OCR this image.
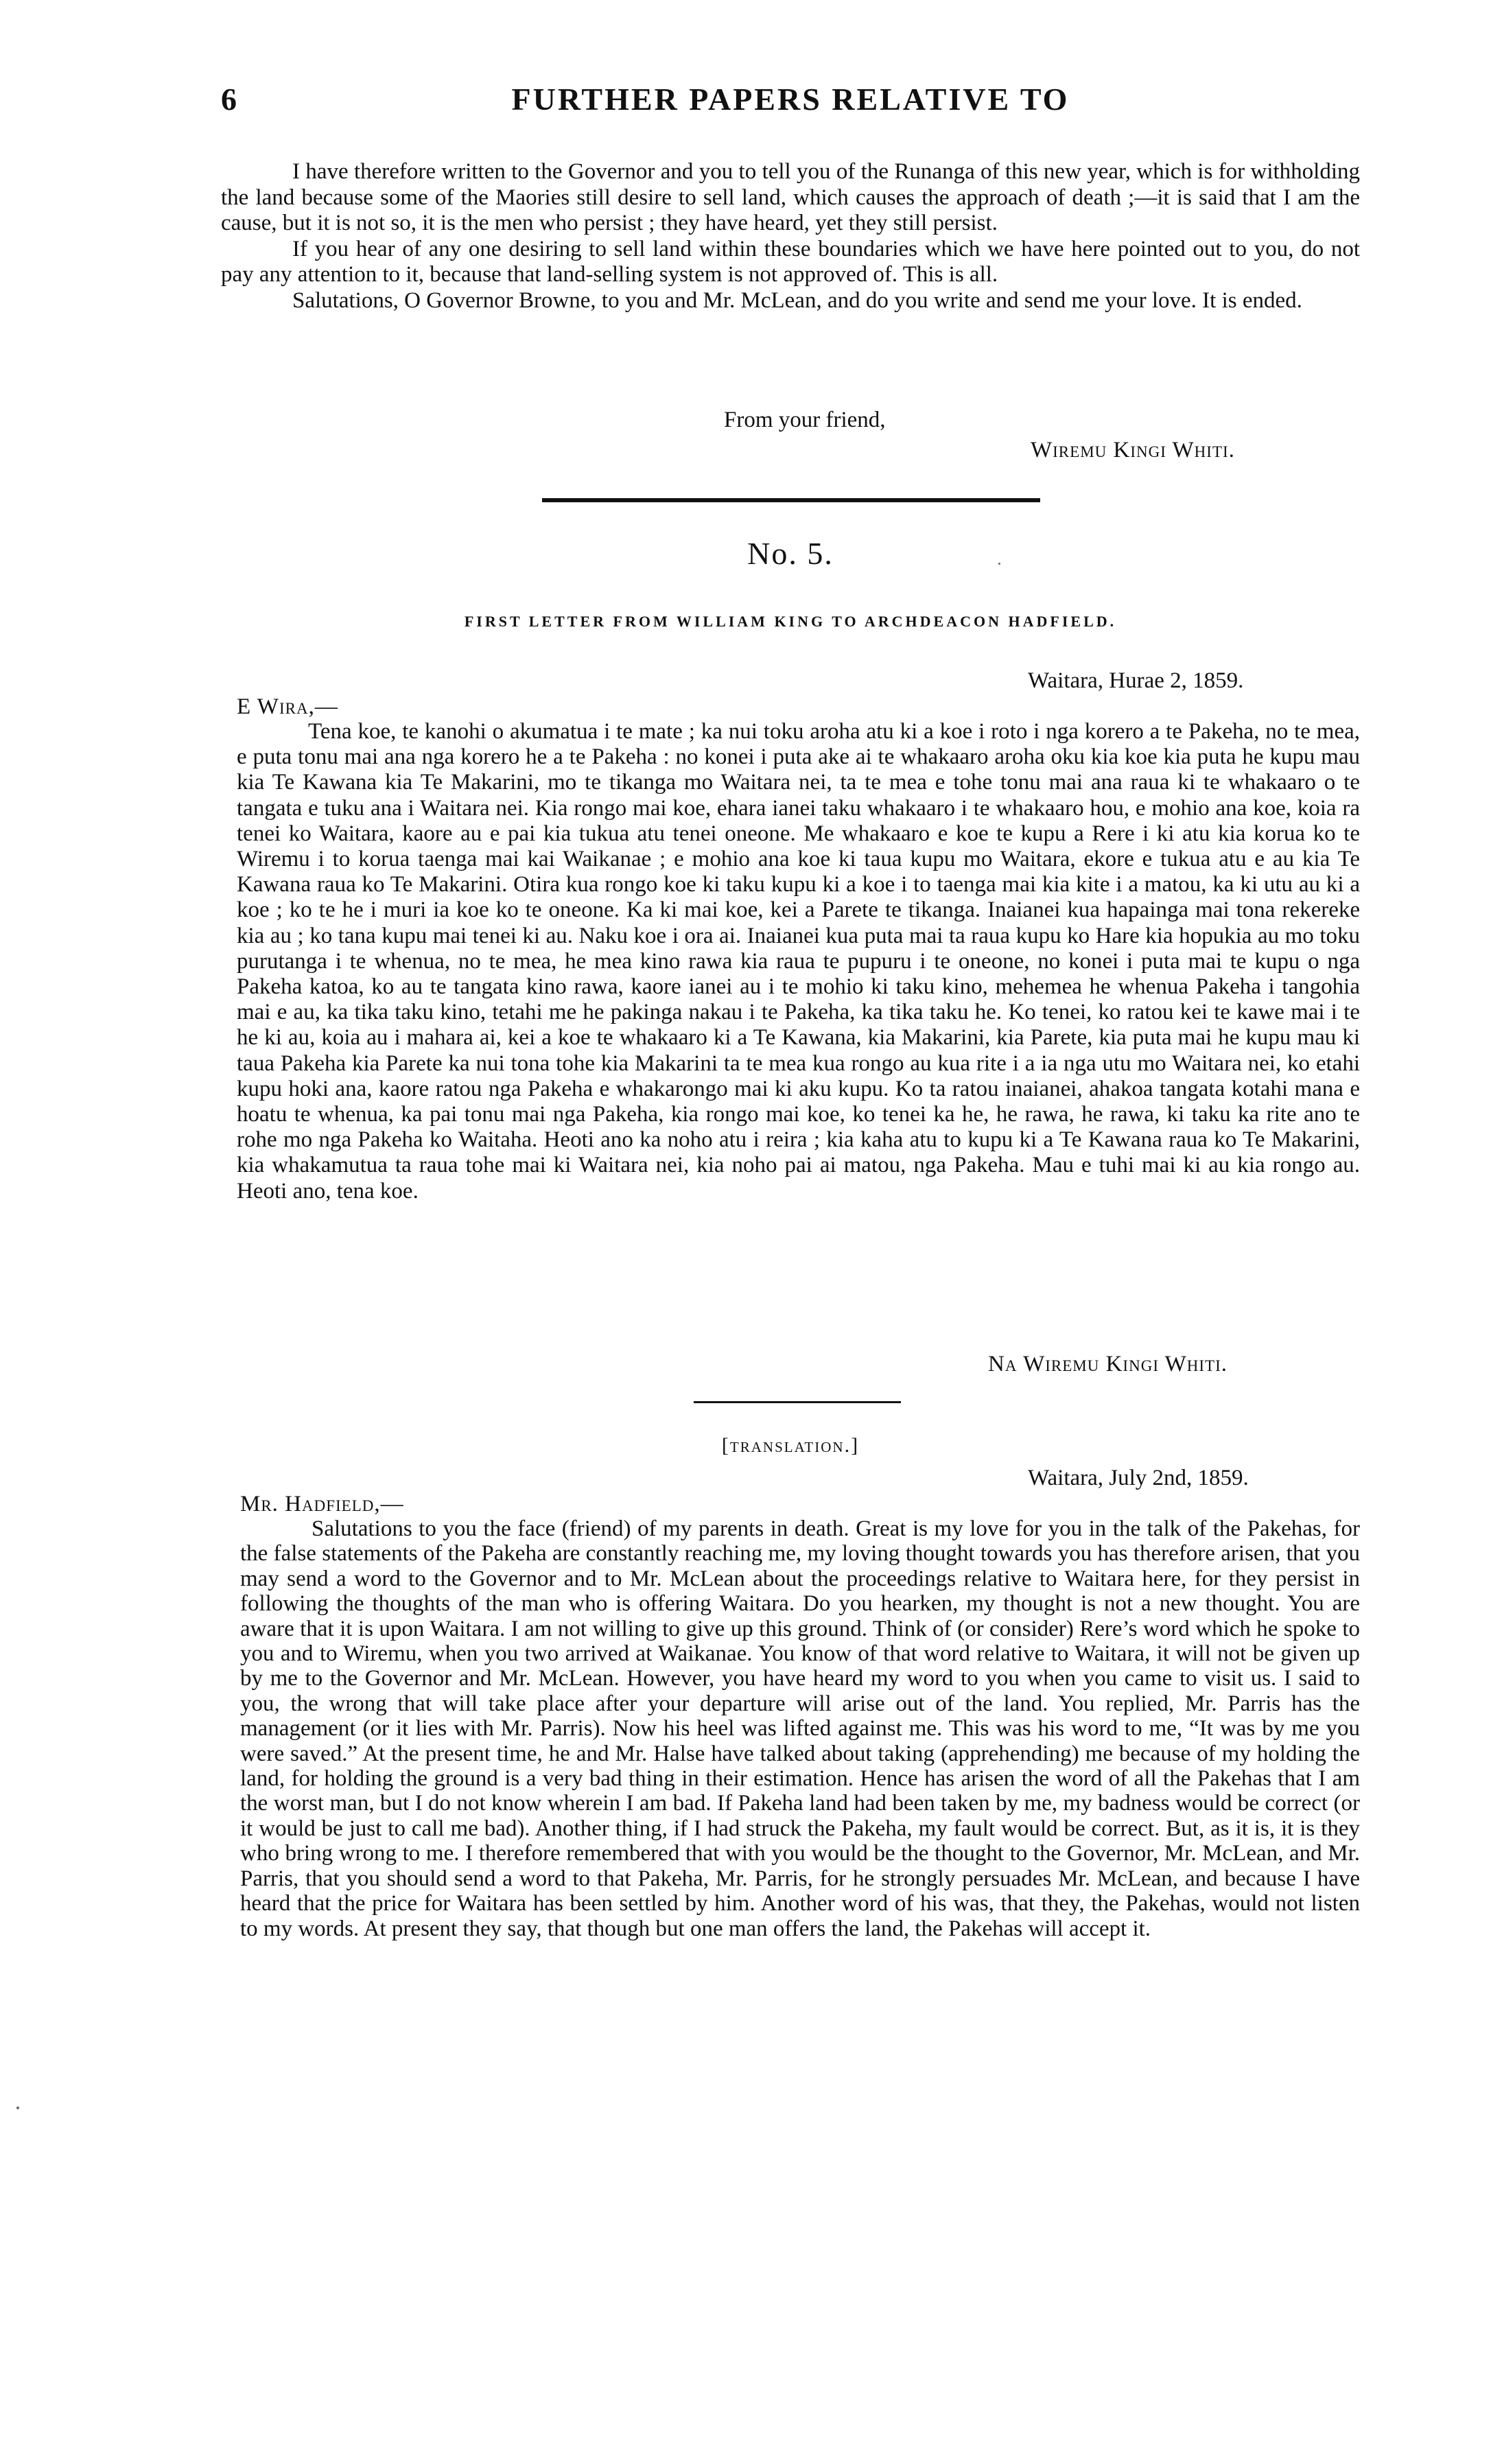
6	FURTHER PAPERS RELATIVE TO

I have therefore written to the Governor and you to tell you of the Runanga of this new year, which is for withholding the land because some of the Maories still desire to sell land, which causes the approach of death ;—it is said that I am the cause, but it is not so, it is the men who persist ; they have heard, yet they still persist.

If you hear of any one desiring to sell land within these boundaries which we have here pointed out to you, do not pay any attention to it, because that land-selling system is not approved of. This is all.

Salutations, O Governor Browne, to you and Mr. McLean, and do you write and send me your love. It is ended.

From your friend,
Wiremu Kingi Whiti.
No. 5.
FIRST LETTER FROM WILLIAM KING TO ARCHDEACON HADFIELD.
Waitara, Hurae 2, 1859.
E Wira,—

Tena koe, te kanohi o akumatua i te mate ; ka nui toku aroha atu ki a koe i roto i nga korero a te Pakeha, no te mea, e puta tonu mai ana nga korero he a te Pakeha : no konei i puta ake ai te whakaaro aroha oku kia koe kia puta he kupu mau kia Te Kawana kia Te Makarini, mo te tikanga mo Waitara nei, ta te mea e tohe tonu mai ana raua ki te whakaaro o te tangata e tuku ana i Waitara nei. Kia rongo mai koe, ehara ianei taku whakaaro i te whakaaro hou, e mohio ana koe, koia ra tenei ko Waitara, kaore au e pai kia tukua atu tenei oneone. Me whakaaro e koe te kupu a Rere i ki atu kia korua ko te Wiremu i to korua taenga mai kai Waikanae ; e mohio ana koe ki taua kupu mo Waitara, ekore e tukua atu e au kia Te Kawana raua ko Te Makarini. Otira kua rongo koe ki taku kupu ki a koe i to taenga mai kia kite i a matou, ka ki utu au ki a koe ; ko te he i muri ia koe ko te oneone. Ka ki mai koe, kei a Parete te tikanga. Inaianei kua hapainga mai tona rekereke kia au ; ko tana kupu mai tenei ki au. Naku koe i ora ai. Inaianei kua puta mai ta raua kupu ko Hare kia hopukia au mo toku purutanga i te whenua, no te mea, he mea kino rawa kia raua te pupuru i te oneone, no konei i puta mai te kupu o nga Pakeha katoa, ko au te tangata kino rawa, kaore ianei au i te mohio ki taku kino, mehemea he whenua Pakeha i tangohia mai e au, ka tika taku kino, tetahi me he pakinga nakau i te Pakeha, ka tika taku he. Ko tenei, ko ratou kei te kawe mai i te he ki au, koia au i mahara ai, kei a koe te whakaaro ki a Te Kawana, kia Makarini, kia Parete, kia puta mai he kupu mau ki taua Pakeha kia Parete ka nui tona tohe kia Makarini ta te mea kua rongo au kua rite i a ia nga utu mo Waitara nei, ko etahi kupu hoki ana, kaore ratou nga Pakeha e whakarongo mai ki aku kupu. Ko ta ratou inaianei, ahakoa tangata kotahi mana e hoatu te whenua, ka pai tonu mai nga Pakeha, kia rongo mai koe, ko tenei ka he, he rawa, he rawa, ki taku ka rite ano te rohe mo nga Pakeha ko Waitaha. Heoti ano ka noho atu i reira ; kia kaha atu to kupu ki a Te Kawana raua ko Te Makarini, kia whakamutua ta raua tohe mai ki Waitara nei, kia noho pai ai matou, nga Pakeha. Mau e tuhi mai ki au kia rongo au. Heoti ano, tena koe.

Na Wiremu Kingi Whiti.
[translation.]
Waitara, July 2nd, 1859.
Mr. Hadfield,—

Salutations to you the face (friend) of my parents in death. Great is my love for you in the talk of the Pakehas, for the false statements of the Pakeha are constantly reaching me, my loving thought towards you has therefore arisen, that you may send a word to the Governor and to Mr. McLean about the proceedings relative to Waitara here, for they persist in following the thoughts of the man who is offering Waitara. Do you hearken, my thought is not a new thought. You are aware that it is upon Waitara. I am not willing to give up this ground. Think of (or consider) Rere’s word which he spoke to you and to Wiremu, when you two arrived at Waikanae. You know of that word relative to Waitara, it will not be given up by me to the Governor and Mr. McLean. However, you have heard my word to you when you came to visit us. I said to you, the wrong that will take place after your departure will arise out of the land. You replied, Mr. Parris has the management (or it lies with Mr. Parris). Now his heel was lifted against me. This was his word to me, “It was by me you were saved.” At the present time, he and Mr. Halse have talked about taking (apprehending) me because of my holding the land, for holding the ground is a very bad thing in their estimation. Hence has arisen the word of all the Pakehas that I am the worst man, but I do not know wherein I am bad. If Pakeha land had been taken by me, my badness would be correct (or it would be just to call me bad). Another thing, if I had struck the Pakeha, my fault would be correct. But, as it is, it is they who bring wrong to me. I therefore remembered that with you would be the thought to the Governor, Mr. McLean, and Mr. Parris, that you should send a word to that Pakeha, Mr. Parris, for he strongly persuades Mr. McLean, and because I have heard that the price for Waitara has been settled by him. Another word of his was, that they, the Pakehas, would not listen to my words. At present they say, that though but one man offers the land, the Pakehas will accept it.
